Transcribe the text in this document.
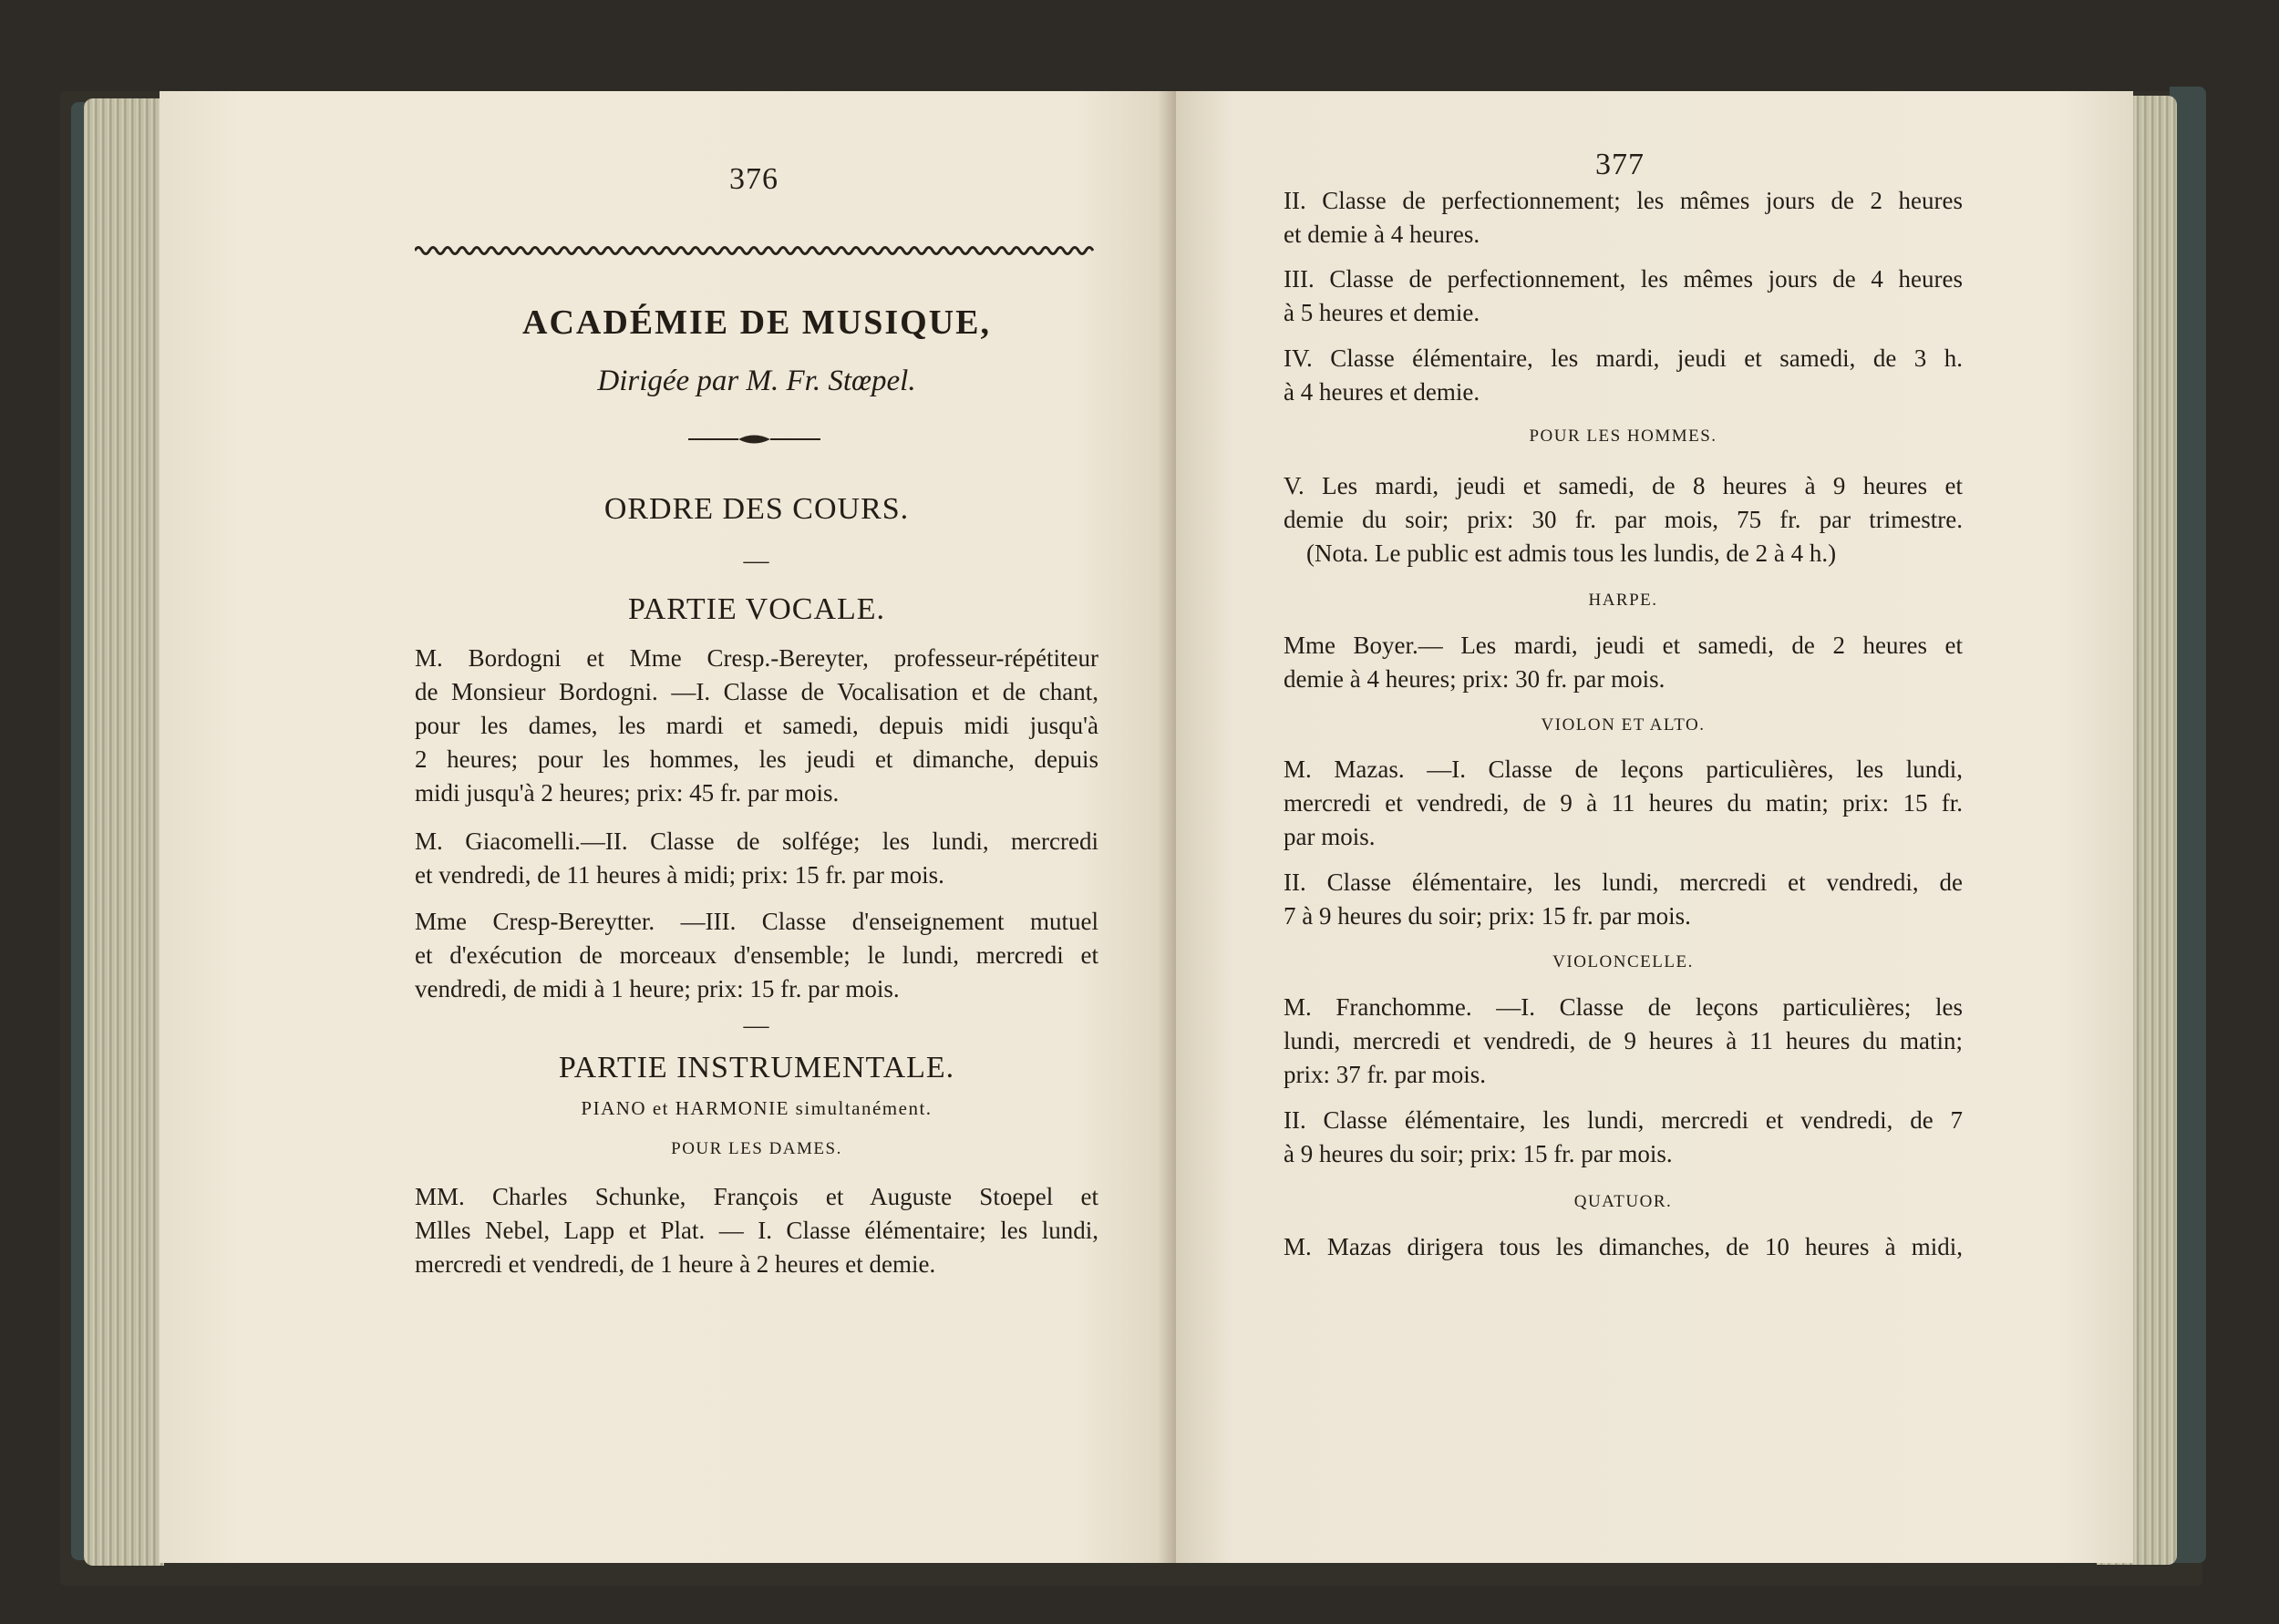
376
ACADÉMIE DE MUSIQUE,
Dirigée par M. Fr. Stœpel.
ORDRE DES COURS.
—
PARTIE VOCALE.
M. Bordogni et Mme Cresp.-Bereyter, professeur-répétiteur
de Monsieur Bordogni. —I. Classe de Vocalisation et de chant,
pour les dames, les mardi et samedi, depuis midi jusqu'à
2 heures; pour les hommes, les jeudi et dimanche, depuis
midi jusqu'à 2 heures; prix: 45 fr. par mois.
M. Giacomelli.—II. Classe de solfége; les lundi, mercredi
et vendredi, de 11 heures à midi; prix: 15 fr. par mois.
Mme Cresp-Bereytter. —III. Classe d'enseignement mutuel
et d'exécution de morceaux d'ensemble; le lundi, mercredi et
vendredi, de midi à 1 heure; prix: 15 fr. par mois.
—
PARTIE INSTRUMENTALE.
PIANO et HARMONIE simultanément.
POUR LES DAMES.
MM. Charles Schunke, François et Auguste Stoepel et
Mlles Nebel, Lapp et Plat. — I. Classe élémentaire; les lundi,
mercredi et vendredi, de 1 heure à 2 heures et demie.
377
II. Classe de perfectionnement; les mêmes jours de 2 heures
et demie à 4 heures.
III. Classe de perfectionnement, les mêmes jours de 4 heures
à 5 heures et demie.
IV. Classe élémentaire, les mardi, jeudi et samedi, de 3 h.
à 4 heures et demie.
POUR LES HOMMES.
V. Les mardi, jeudi et samedi, de 8 heures à 9 heures et
demie du soir; prix: 30 fr. par mois, 75 fr. par trimestre.
(Nota. Le public est admis tous les lundis, de 2 à 4 h.)
HARPE.
Mme Boyer.— Les mardi, jeudi et samedi, de 2 heures et
demie à 4 heures; prix: 30 fr. par mois.
VIOLON ET ALTO.
M. Mazas. —I. Classe de leçons particulières, les lundi,
mercredi et vendredi, de 9 à 11 heures du matin; prix: 15 fr.
par mois.
II. Classe élémentaire, les lundi, mercredi et vendredi, de
7 à 9 heures du soir; prix: 15 fr. par mois.
VIOLONCELLE.
M. Franchomme. —I. Classe de leçons particulières; les
lundi, mercredi et vendredi, de 9 heures à 11 heures du matin;
prix: 37 fr. par mois.
II. Classe élémentaire, les lundi, mercredi et vendredi, de 7
à 9 heures du soir; prix: 15 fr. par mois.
QUATUOR.
M. Mazas dirigera tous les dimanches, de 10 heures à midi,
